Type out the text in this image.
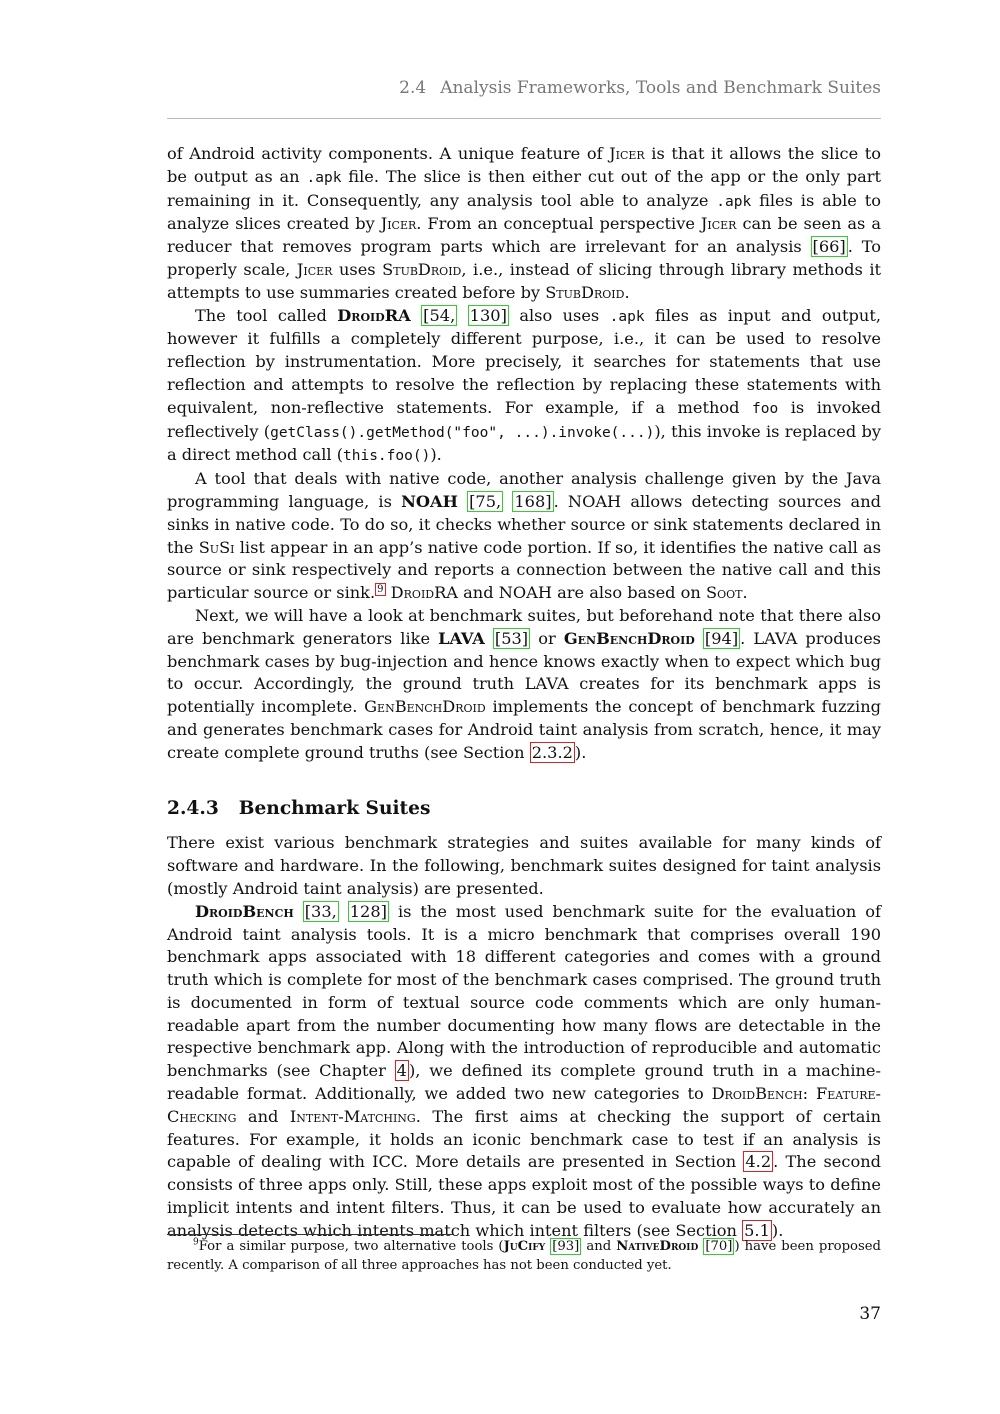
2.4 Analysis Frameworks, Tools and Benchmark Suites

of Android activity components. A unique feature of Jicer is that it allows the slice to be output as an .apk file. The slice is then either cut out of the app or the only part remaining in it. Consequently, any analysis tool able to analyze .apk files is able to analyze slices created by Jicer. From an conceptual perspective Jicer can be seen as a reducer that removes program parts which are irrelevant for an analysis [66] . To properly scale, Jicer uses StubDroid, i.e., instead of slicing through library methods it attempts to use summaries created before by StubDroid.

The tool called DroidRA [54, 130] also uses .apk files as input and output, however it fulfills a completely different purpose, i.e., it can be used to resolve reflection by instrumentation. More precisely, it searches for statements that use reflection and attempts to resolve the reflection by replacing these statements with equivalent, non-reflective statements. For example, if a method foo is invoked reflectively (getClass().getMethod("foo", ...).invoke(...)), this invoke is replaced by a direct method call (this.foo()).

A tool that deals with native code, another analysis challenge given by the Java programming language, is NOAH [75, 168] . NOAH allows detecting sources and sinks in native code. To do so, it checks whether source or sink statements declared in the SuSi list appear in an app’s native code portion. If so, it identifies the native call as source or sink respectively and reports a connection between the native call and this particular source or sink. $^9$ DroidRA and NOAH are also based on Soot.

Next, we will have a look at benchmark suites, but beforehand note that there also are benchmark generators like LAVA [53] or GenBenchDroid [94] . LAVA produces benchmark cases by bug-injection and hence knows exactly when to expect which bug to occur. Accordingly, the ground truth LAVA creates for its benchmark apps is potentially incomplete. GenBenchDroid implements the concept of benchmark fuzzing and generates benchmark cases for Android taint analysis from scratch, hence, it may create complete ground truths (see Section 2.3.2 ).

2.4.3 Benchmark Suites

There exist various benchmark strategies and suites available for many kinds of software and hardware. In the following, benchmark suites designed for taint analysis (mostly Android taint analysis) are presented.

DroidBench [33, 128] is the most used benchmark suite for the evaluation of Android taint analysis tools. It is a micro benchmark that comprises overall 190 benchmark apps associated with 18 different categories and comes with a ground truth which is complete for most of the benchmark cases comprised. The ground truth is documented in form of textual source code comments which are only human-readable apart from the number documenting how many flows are detectable in the respective benchmark app. Along with the introduction of reproducible and automatic benchmarks (see Chapter 4 ), we defined its complete ground truth in a machine-readable format. Additionally, we added two new categories to DroidBench: Feature-Checking and Intent-Matching. The first aims at checking the support of certain features. For example, it holds an iconic benchmark case to test if an analysis is capable of dealing with ICC. More details are presented in Section 4.2 . The second consists of three apps only. Still, these apps exploit most of the possible ways to define implicit intents and intent filters. Thus, it can be used to evaluate how accurately an analysis detects which intents match which intent filters (see Section 5.1 ).

$^9$For a similar purpose, two alternative tools (JuCify [93] and NativeDroid [70] ) have been proposed recently. A comparison of all three approaches has not been conducted yet.

37
